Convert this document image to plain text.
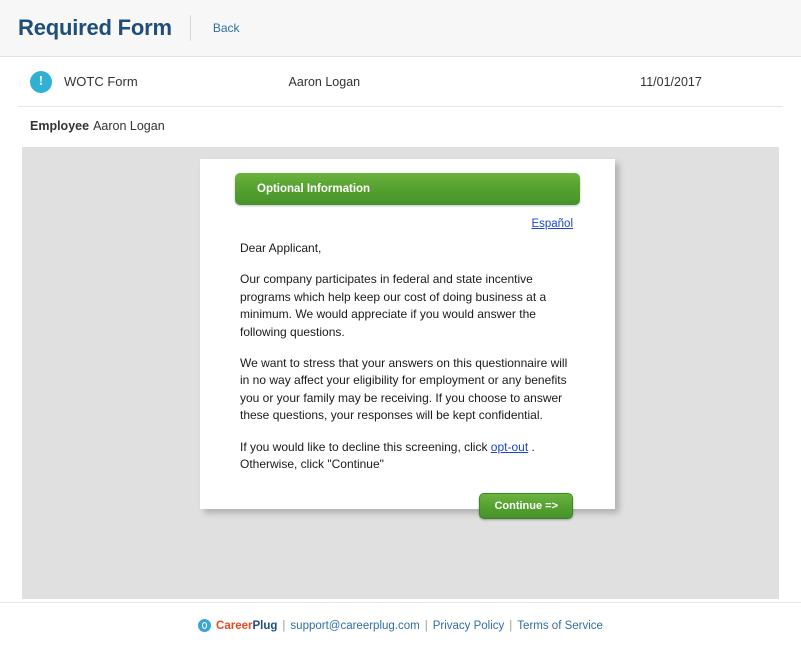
Required Form	Back
!	WOTC Form	Aaron Logan	11/01/2017
Employee Aaron Logan
Optional Information
Español

Dear Applicant,

Our company participates in federal and state incentive programs which help keep our cost of doing business at a minimum. We would appreciate if you would answer the following questions.

We want to stress that your answers on this questionnaire will in no way affect your eligibility for employment or any benefits you or your family may be receiving. If you choose to answer these questions, your responses will be kept confidential.

If you would like to decline this screening, click opt-out .

Otherwise, click "Continue"

Continue =>
Career Plug | support@careerplug.com | Privacy Policy | Terms of Service
